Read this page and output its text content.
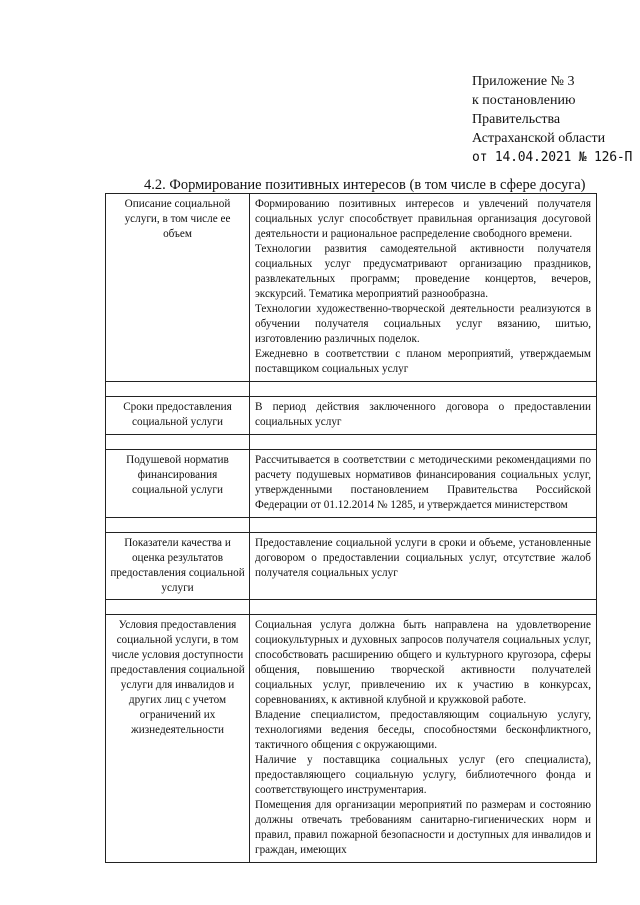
Приложение № 3
к постановлению
Правительства
Астраханской области
от 14.04.2021 № 126-П
4.2. Формирование позитивных интересов (в том числе в сфере досуга)
Описание социальной услуги, в том числе ее объем	Формированию позитивных интересов и увлечений получателя социальных услуг способствует правильная организация досуговой деятельности и рациональное распределение свободного времени.

Технологии развития самодеятельной активности получателя социальных услуг предусматривают организацию праздников, развлекательных программ; проведение концертов, вечеров, экскурсий. Тематика мероприятий разнообразна.

Технологии художественно-творческой деятельности реализуются в обучении получателя социальных услуг вязанию, шитью, изготовлению различных поделок.

Ежедневно в соответствии с планом мероприятий, утверждаемым поставщиком социальных услуг

Сроки предоставления социальной услуги	В период действия заключенного договора о предоставлении социальных услуг

Подушевой норматив финансирования социальной услуги	Рассчитывается в соответствии с методическими рекомендациями по расчету подушевых нормативов финансирования социальных услуг, утвержденными постановлением Правительства Российской Федерации от 01.12.2014 № 1285, и утверждается министерством

Показатели качества и оценка результатов предоставления социальной услуги	Предоставление социальной услуги в сроки и объеме, установленные договором о предоставлении социальных услуг, отсутствие жалоб получателя социальных услуг

Условия предоставления социальной услуги, в том числе условия доступности предоставления социальной услуги для инвалидов и других лиц с учетом ограничений их жизнедеятельности	Социальная услуга должна быть направлена на удовлетворение социокультурных и духовных запросов получателя социальных услуг, способствовать расширению общего и культурного кругозора, сферы общения, повышению творческой активности получателей социальных услуг, привлечению их к участию в конкурсах, соревнованиях, к активной клубной и кружковой работе.

Владение специалистом, предоставляющим социальную услугу, технологиями ведения беседы, способностями бесконфликтного, тактичного общения с окружающими.

Наличие у поставщика социальных услуг (его специалиста), предоставляющего социальную услугу, библиотечного фонда и соответствующего инструментария.

Помещения для организации мероприятий по размерам и состоянию должны отвечать требованиям санитарно-гигиенических норм и правил, правил пожарной безопасности и доступных для инвалидов и граждан, имеющих
